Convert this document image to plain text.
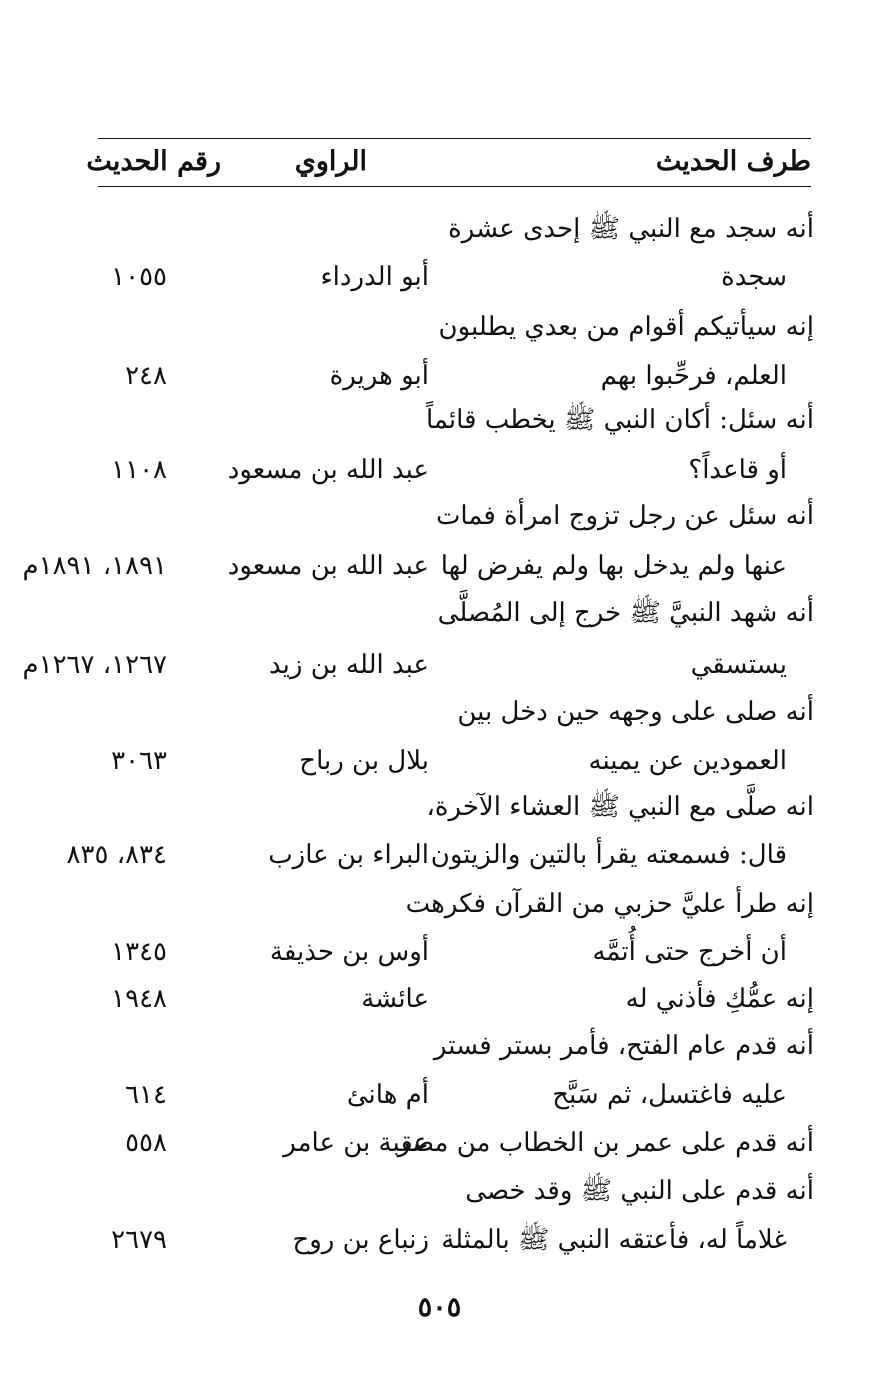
طرف الحديث
الراوي
رقم الحديث
أنه سجد مع النبي ﷺ إحدى عشرة
سجدة
أبو الدرداء
١٠٥٥
إنه سيأتيكم أقوام من بعدي يطلبون
العلم، فرحِّبوا بهم
أبو هريرة
٢٤٨
أنه سئل: أكان النبي ﷺ يخطب قائماً
أو قاعداً؟
عبد الله بن مسعود
١١٠٨
أنه سئل عن رجل تزوج امرأة فمات
عنها ولم يدخل بها ولم يفرض لها
عبد الله بن مسعود
١٨٩١، ١٨٩١م
أنه شهد النبيَّ ﷺ خرج إلى المُصلَّى
يستسقي
عبد الله بن زيد
١٢٦٧، ١٢٦٧م
أنه صلى على وجهه حين دخل بين
العمودين عن يمينه
بلال بن رباح
٣٠٦٣
انه صلَّى مع النبي ﷺ العشاء الآخرة،
قال: فسمعته يقرأ بالتين والزيتون
البراء بن عازب
٨٣٤، ٨٣٥
إنه طرأ عليَّ حزبي من القرآن فكرهت
أن أخرج حتى أُتمَّه
أوس بن حذيفة
١٣٤٥
إنه عمُّكِ فأذني له
عائشة
١٩٤٨
أنه قدم عام الفتح، فأمر بستر فستر
عليه فاغتسل، ثم سَبَّح
أم هانئ
٦١٤
أنه قدم على عمر بن الخطاب من مصر
عقبة بن عامر
٥٥٨
أنه قدم على النبي ﷺ وقد خصى
غلاماً له، فأعتقه النبي ﷺ بالمثلة
زنباع بن روح
٢٦٧٩
٥٠٥
